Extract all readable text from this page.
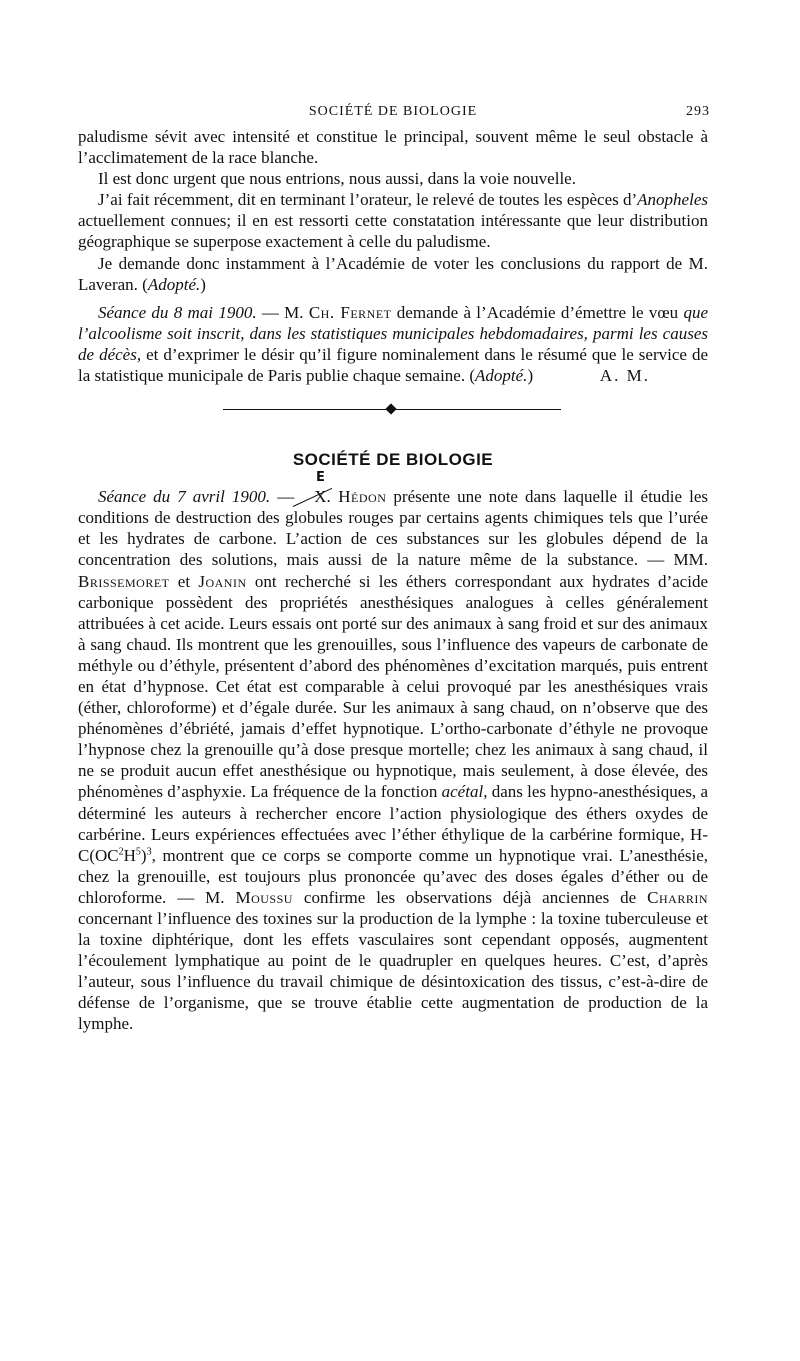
SOCIÉTÉ DE BIOLOGIE	293

paludisme sévit avec intensité et constitue le principal, souvent même le seul obstacle à l’acclimatement de la race blanche.

Il est donc urgent que nous entrions, nous aussi, dans la voie nouvelle.

J’ai fait récemment, dit en terminant l’orateur, le relevé de toutes les espèces d’Anopheles actuellement connues; il en est ressorti cette constatation intéressante que leur distribution géographique se superpose exactement à celle du paludisme.

Je demande donc instamment à l’Académie de voter les conclusions du rapport de M. Laveran. (Adopté.)

Séance du 8 mai 1900. — M. Ch. Fernet demande à l’Académie d’émettre le vœu que l’alcoolisme soit inscrit, dans les statistiques municipales hebdomadaires, parmi les causes de décès, et d’exprimer le désir qu’il figure nominalement dans le résumé que le service de la statistique municipale de Paris publie chaque semaine. (Adopté.)	A. M.

SOCIÉTÉ DE BIOLOGIE
E

Séance du 7 avril 1900. — X. Hédon présente une note dans laquelle il étudie les conditions de destruction des globules rouges par certains agents chimiques tels que l’urée et les hydrates de carbone. L’action de ces substances sur les globules dépend de la concentration des solutions, mais aussi de la nature même de la substance. — MM. Brissemoret et Joanin ont recherché si les éthers correspondant aux hydrates d’acide carbonique possèdent des propriétés anesthésiques analogues à celles généralement attribuées à cet acide. Leurs essais ont porté sur des animaux à sang froid et sur des animaux à sang chaud. Ils montrent que les grenouilles, sous l’influence des vapeurs de carbonate de méthyle ou d’éthyle, présentent d’abord des phénomènes d’excitation marqués, puis entrent en état d’hypnose. Cet état est comparable à celui provoqué par les anesthésiques vrais (éther, chloroforme) et d’égale durée. Sur les animaux à sang chaud, on n’observe que des phénomènes d’ébriété, jamais d’effet hypnotique. L’ortho-carbonate d’éthyle ne provoque l’hypnose chez la grenouille qu’à dose presque mortelle; chez les animaux à sang chaud, il ne se produit aucun effet anesthésique ou hypnotique, mais seulement, à dose élevée, des phénomènes d’asphyxie. La fréquence de la fonction acétal, dans les hypno-anesthésiques, a déterminé les auteurs à rechercher encore l’action physiologique des éthers oxydes de carbérine. Leurs expériences effectuées avec l’éther éthylique de la carbérine formique, $H-C(OC^2H^5)^3$, montrent que ce corps se comporte comme un hypnotique vrai. L’anesthésie, chez la grenouille, est toujours plus prononcée qu’avec des doses égales d’éther ou de chloroforme. — M. Moussu confirme les observations déjà anciennes de Charrin concernant l’influence des toxines sur la production de la lymphe : la toxine tuberculeuse et la toxine diphtérique, dont les effets vasculaires sont cependant opposés, augmentent l’écoulement lymphatique au point de le quadrupler en quelques heures. C’est, d’après l’auteur, sous l’influence du travail chimique de désintoxication des tissus, c’est-à-dire de défense de l’organisme, que se trouve établie cette augmentation de production de la lymphe.
